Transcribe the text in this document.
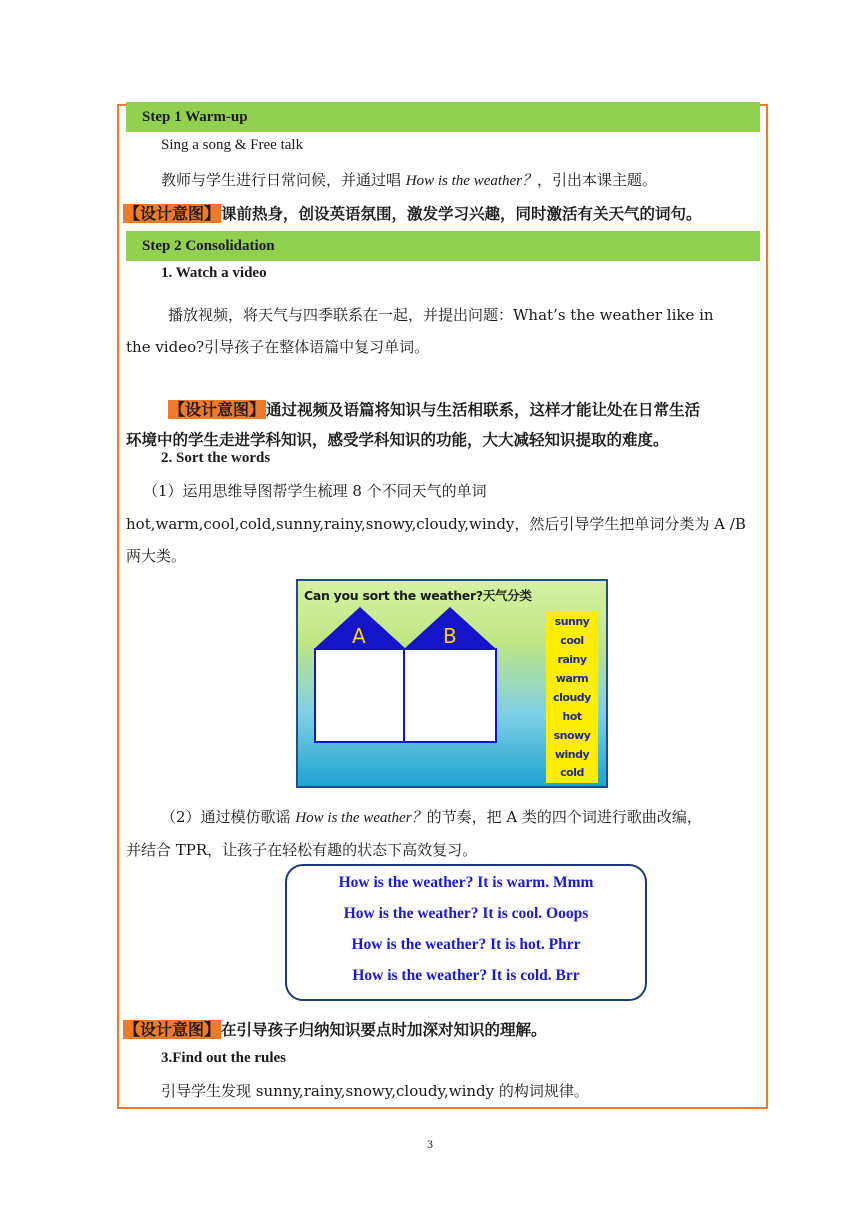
Step 1 Warm-up
Sing a song & Free talk
教师与学生进行日常问候，并通过唱 How is the weather？，引出本课主题。
【设计意图】课前热身，创设英语氛围，激发学习兴趣，同时激活有关天气的词句。
Step 2 Consolidation
1. Watch a video
播放视频，将天气与四季联系在一起，并提出问题：What’s the weather like in
the video?引导孩子在整体语篇中复习单词。
【设计意图】通过视频及语篇将知识与生活相联系，这样才能让处在日常生活
环境中的学生走进学科知识，感受学科知识的功能，大大减轻知识提取的难度。
2. Sort the words
（1）运用思维导图帮学生梳理 8 个不同天气的单词
hot,warm,cool,cold,sunny,rainy,snowy,cloudy,windy，然后引导学生把单词分类为 A /B
两大类。
Can you sort the weather?天气分类
A	B
sunny
cool
rainy
warm
cloudy
hot
snowy
windy
cold
（2）通过模仿歌谣 How is the weather？的节奏，把 A 类的四个词进行歌曲改编，
并结合 TPR，让孩子在轻松有趣的状态下高效复习。
How is the weather? It is warm. Mmm
How is the weather? It is cool. Ooops
How is the weather? It is hot. Phrr
How is the weather? It is cold. Brr
【设计意图】在引导孩子归纳知识要点时加深对知识的理解。
3.Find out the rules
引导学生发现 sunny,rainy,snowy,cloudy,windy 的构词规律。
3
